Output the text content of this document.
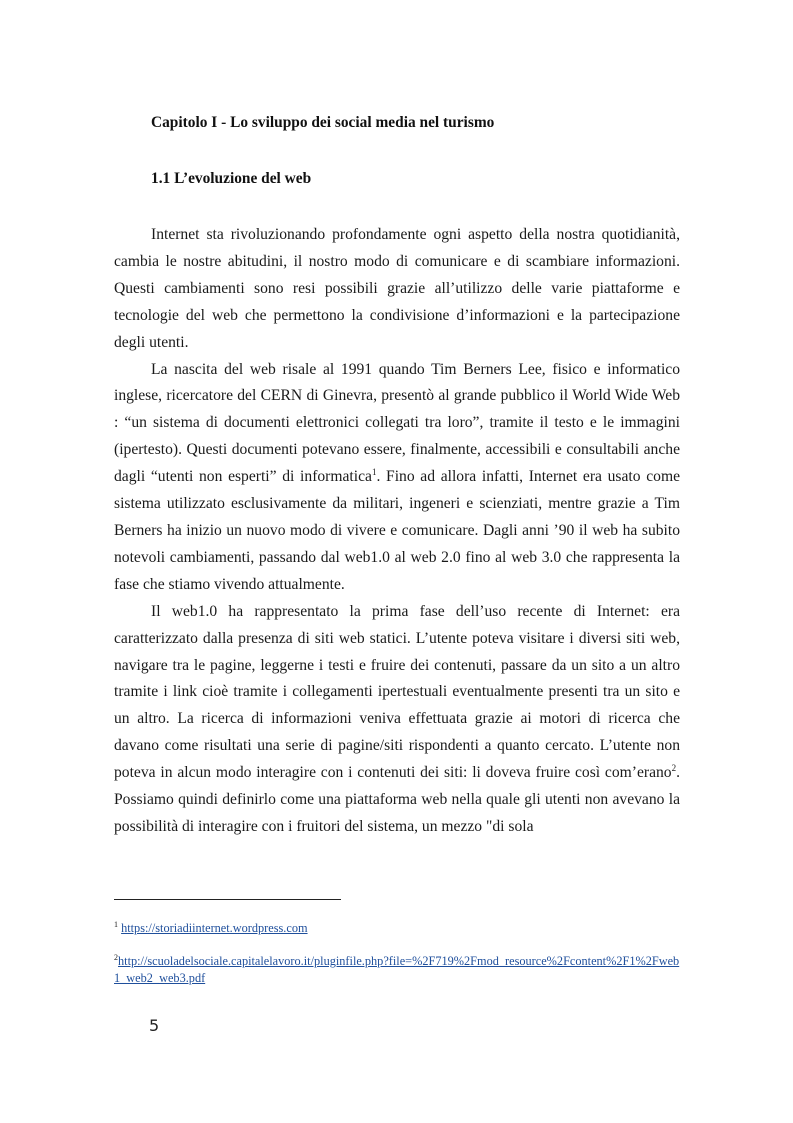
Capitolo I - Lo sviluppo dei social media nel turismo
1.1 L’evoluzione del web

Internet sta rivoluzionando profondamente ogni aspetto della nostra quotidianità, cambia le nostre abitudini, il nostro modo di comunicare e di scambiare informazioni. Questi cambiamenti sono resi possibili grazie all’utilizzo delle varie piattaforme e tecnologie del web che permettono la condivisione d’informazioni e la partecipazione degli utenti.

La nascita del web risale al 1991 quando Tim Berners Lee, fisico e informatico inglese, ricercatore del CERN di Ginevra, presentò al grande pubblico il World Wide Web : “un sistema di documenti elettronici collegati tra loro”, tramite il testo e le immagini (ipertesto). Questi documenti potevano essere, finalmente, accessibili e consultabili anche dagli “utenti non esperti” di informatica$^1$. Fino ad allora infatti, Internet era usato come sistema utilizzato esclusivamente da militari, ingeneri e scienziati, mentre grazie a Tim Berners ha inizio un nuovo modo di vivere e comunicare. Dagli anni ’90 il web ha subito notevoli cambiamenti, passando dal web1.0 al web 2.0 fino al web 3.0 che rappresenta la fase che stiamo vivendo attualmente.

Il web1.0 ha rappresentato la prima fase dell’uso recente di Internet: era caratterizzato dalla presenza di siti web statici. L’utente poteva visitare i diversi siti web, navigare tra le pagine, leggerne i testi e fruire dei contenuti, passare da un sito a un altro tramite i link cioè tramite i collegamenti ipertestuali eventualmente presenti tra un sito e un altro. La ricerca di informazioni veniva effettuata grazie ai motori di ricerca che davano come risultati una serie di pagine/siti rispondenti a quanto cercato. L’utente non poteva in alcun modo interagire con i contenuti dei siti: li doveva fruire così com’erano$^2$. Possiamo quindi definirlo come una piattaforma web nella quale gli utenti non avevano la possibilità di interagire con i fruitori del sistema, un mezzo "di sola

$^1$ https://storiadiinternet.wordpress.com
$^2$http://scuoladelsociale.capitalelavoro.it/pluginfile.php?file=%2F719%2Fmod_resource%2Fcontent%2F1%2Fweb1_web2_web3.pdf
5
